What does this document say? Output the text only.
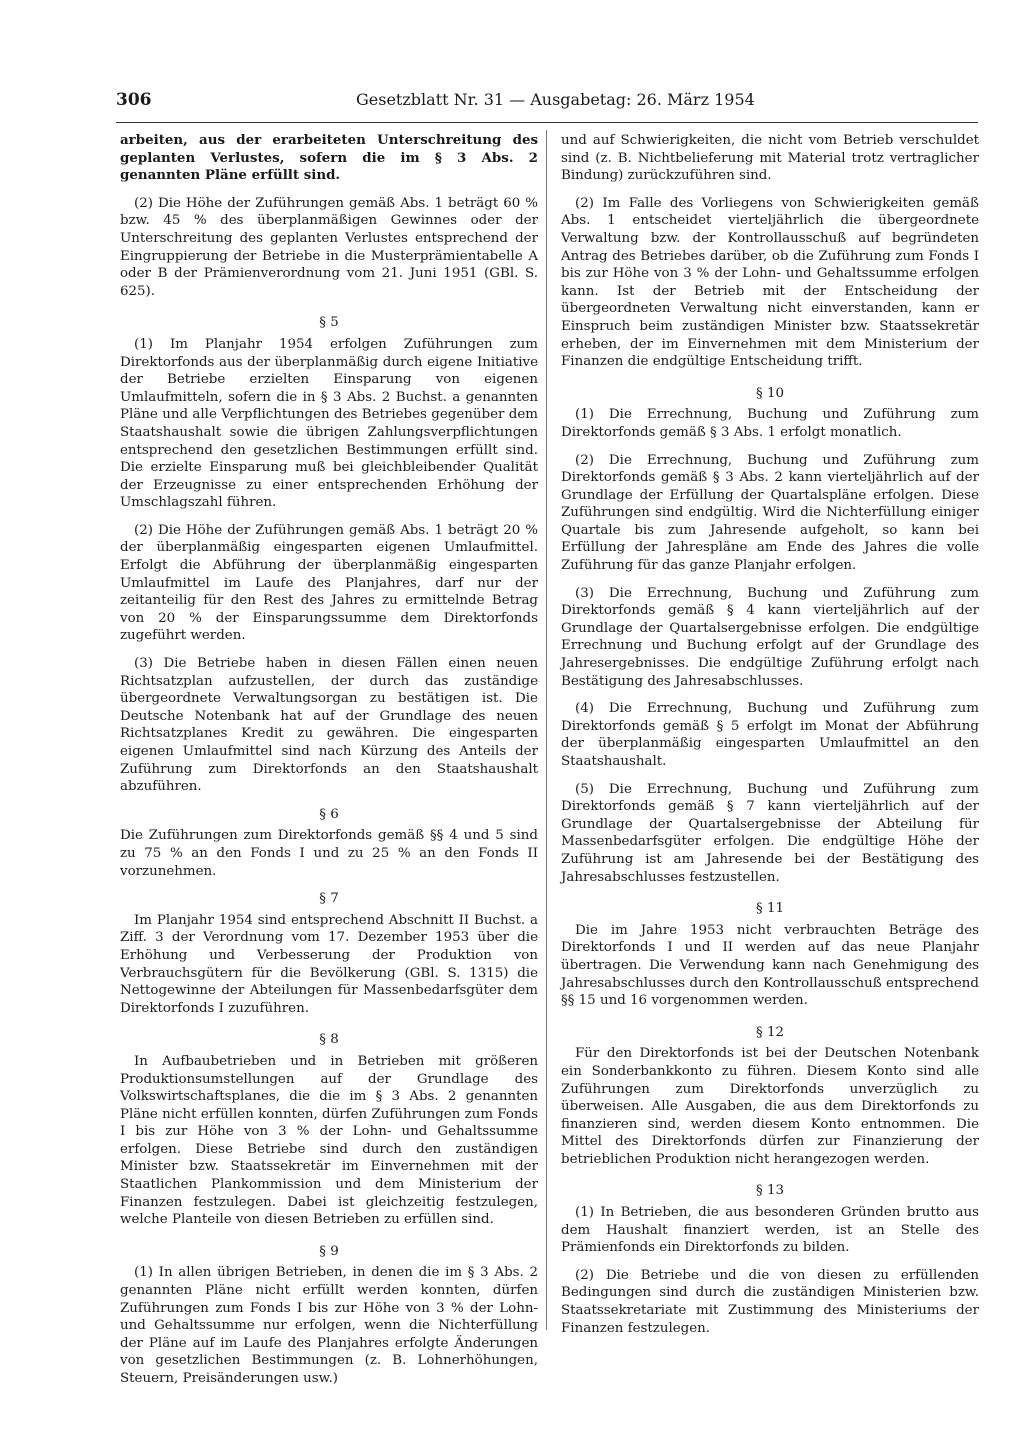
306	Gesetzblatt Nr. 31 — Ausgabetag: 26. März 1954

arbeiten, aus der erarbeiteten Unterschreitung des geplanten Verlustes, sofern die im § 3 Abs. 2 genannten Pläne erfüllt sind.

(2) Die Höhe der Zuführungen gemäß Abs. 1 beträgt 60 % bzw. 45 % des überplanmäßigen Gewinnes oder der Unterschreitung des geplanten Verlustes entsprechend der Eingruppierung der Betriebe in die Musterprämientabelle A oder B der Prämienverordnung vom 21. Juni 1951 (GBl. S. 625).

§ 5

(1) Im Planjahr 1954 erfolgen Zuführungen zum Direktorfonds aus der überplanmäßig durch eigene Initiative der Betriebe erzielten Einsparung von eigenen Umlaufmitteln, sofern die in § 3 Abs. 2 Buchst. a genannten Pläne und alle Verpflichtungen des Betriebes gegenüber dem Staatshaushalt sowie die übrigen Zahlungsverpflichtungen entsprechend den gesetzlichen Bestimmungen erfüllt sind. Die erzielte Einsparung muß bei gleichbleibender Qualität der Erzeugnisse zu einer entsprechenden Erhöhung der Umschlagszahl führen.

(2) Die Höhe der Zuführungen gemäß Abs. 1 beträgt 20 % der überplanmäßig eingesparten eigenen Umlaufmittel. Erfolgt die Abführung der überplanmäßig eingesparten Umlaufmittel im Laufe des Planjahres, darf nur der zeitanteilig für den Rest des Jahres zu ermittelnde Betrag von 20 % der Einsparungssumme dem Direktorfonds zugeführt werden.

(3) Die Betriebe haben in diesen Fällen einen neuen Richtsatzplan aufzustellen, der durch das zuständige übergeordnete Verwaltungsorgan zu bestätigen ist. Die Deutsche Notenbank hat auf der Grundlage des neuen Richtsatzplanes Kredit zu gewähren. Die eingesparten eigenen Umlaufmittel sind nach Kürzung des Anteils der Zuführung zum Direktorfonds an den Staatshaushalt abzuführen.

§ 6

Die Zuführungen zum Direktorfonds gemäß §§ 4 und 5 sind zu 75 % an den Fonds I und zu 25 % an den Fonds II vorzunehmen.

§ 7

Im Planjahr 1954 sind entsprechend Abschnitt II Buchst. a Ziff. 3 der Verordnung vom 17. Dezember 1953 über die Erhöhung und Verbesserung der Produktion von Verbrauchsgütern für die Bevölkerung (GBl. S. 1315) die Nettogewinne der Abteilungen für Massenbedarfsgüter dem Direktorfonds I zuzuführen.

§ 8

In Aufbaubetrieben und in Betrieben mit größeren Produktionsumstellungen auf der Grundlage des Volkswirtschaftsplanes, die die im § 3 Abs. 2 genannten Pläne nicht erfüllen konnten, dürfen Zuführungen zum Fonds I bis zur Höhe von 3 % der Lohn- und Gehaltssumme erfolgen. Diese Betriebe sind durch den zuständigen Minister bzw. Staatssekretär im Einvernehmen mit der Staatlichen Plankommission und dem Ministerium der Finanzen festzulegen. Dabei ist gleichzeitig festzulegen, welche Planteile von diesen Betrieben zu erfüllen sind.

§ 9

(1) In allen übrigen Betrieben, in denen die im § 3 Abs. 2 genannten Pläne nicht erfüllt werden konnten, dürfen Zuführungen zum Fonds I bis zur Höhe von 3 % der Lohn- und Gehaltssumme nur erfolgen, wenn die Nichterfüllung der Pläne auf im Laufe des Planjahres erfolgte Änderungen von gesetzlichen Bestimmungen (z. B. Lohnerhöhungen, Steuern, Preisänderungen usw.)

und auf Schwierigkeiten, die nicht vom Betrieb verschuldet sind (z. B. Nichtbelieferung mit Material trotz vertraglicher Bindung) zurückzuführen sind.

(2) Im Falle des Vorliegens von Schwierigkeiten gemäß Abs. 1 entscheidet vierteljährlich die übergeordnete Verwaltung bzw. der Kontrollausschuß auf begründeten Antrag des Betriebes darüber, ob die Zuführung zum Fonds I bis zur Höhe von 3 % der Lohn- und Gehaltssumme erfolgen kann. Ist der Betrieb mit der Entscheidung der übergeordneten Verwaltung nicht einverstanden, kann er Einspruch beim zuständigen Minister bzw. Staatssekretär erheben, der im Einvernehmen mit dem Ministerium der Finanzen die endgültige Entscheidung trifft.

§ 10

(1) Die Errechnung, Buchung und Zuführung zum Direktorfonds gemäß § 3 Abs. 1 erfolgt monatlich.

(2) Die Errechnung, Buchung und Zuführung zum Direktorfonds gemäß § 3 Abs. 2 kann vierteljährlich auf der Grundlage der Erfüllung der Quartalspläne erfolgen. Diese Zuführungen sind endgültig. Wird die Nichterfüllung einiger Quartale bis zum Jahresende aufgeholt, so kann bei Erfüllung der Jahrespläne am Ende des Jahres die volle Zuführung für das ganze Planjahr erfolgen.

(3) Die Errechnung, Buchung und Zuführung zum Direktorfonds gemäß § 4 kann vierteljährlich auf der Grundlage der Quartalsergebnisse erfolgen. Die endgültige Errechnung und Buchung erfolgt auf der Grundlage des Jahresergebnisses. Die endgültige Zuführung erfolgt nach Bestätigung des Jahresabschlusses.

(4) Die Errechnung, Buchung und Zuführung zum Direktorfonds gemäß § 5 erfolgt im Monat der Abführung der überplanmäßig eingesparten Umlaufmittel an den Staatshaushalt.

(5) Die Errechnung, Buchung und Zuführung zum Direktorfonds gemäß § 7 kann vierteljährlich auf der Grundlage der Quartalsergebnisse der Abteilung für Massenbedarfsgüter erfolgen. Die endgültige Höhe der Zuführung ist am Jahresende bei der Bestätigung des Jahresabschlusses festzustellen.

§ 11

Die im Jahre 1953 nicht verbrauchten Beträge des Direktorfonds I und II werden auf das neue Planjahr übertragen. Die Verwendung kann nach Genehmigung des Jahresabschlusses durch den Kontrollausschuß entsprechend §§ 15 und 16 vorgenommen werden.

§ 12

Für den Direktorfonds ist bei der Deutschen Notenbank ein Sonderbankkonto zu führen. Diesem Konto sind alle Zuführungen zum Direktorfonds unverzüglich zu überweisen. Alle Ausgaben, die aus dem Direktorfonds zu finanzieren sind, werden diesem Konto entnommen. Die Mittel des Direktorfonds dürfen zur Finanzierung der betrieblichen Produktion nicht herangezogen werden.

§ 13

(1) In Betrieben, die aus besonderen Gründen brutto aus dem Haushalt finanziert werden, ist an Stelle des Prämienfonds ein Direktorfonds zu bilden.

(2) Die Betriebe und die von diesen zu erfüllenden Bedingungen sind durch die zuständigen Ministerien bzw. Staatssekretariate mit Zustimmung des Ministeriums der Finanzen festzulegen.
